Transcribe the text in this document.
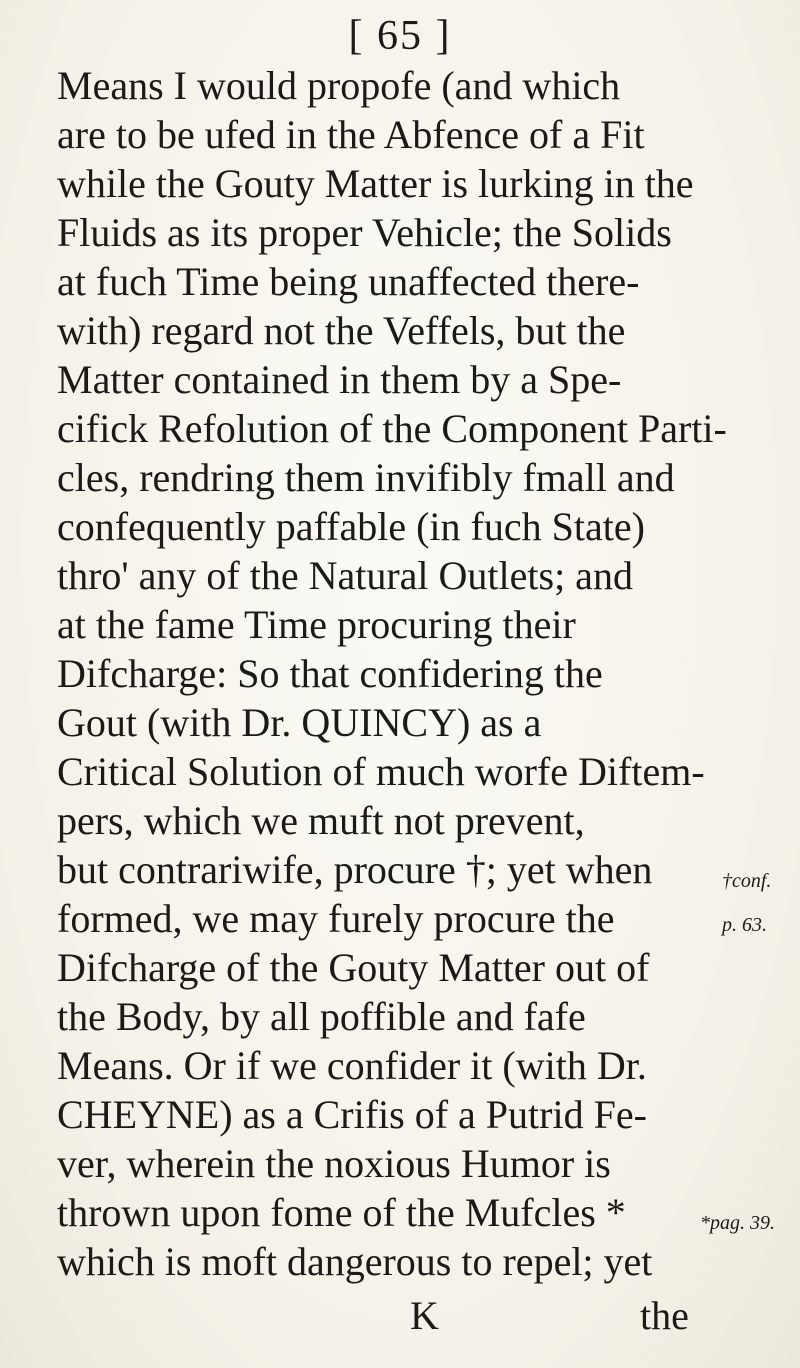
[ 65 ]
Means I would propofe (and which
are to be ufed in the Abfence of a Fit
while the Gouty Matter is lurking in the
Fluids as its proper Vehicle; the Solids
at fuch Time being unaffected there-
with) regard not the Veffels, but the
Matter contained in them by a Spe-
cifick Refolution of the Component Parti-
cles, rendring them invifibly fmall and
confequently paffable (in fuch State)
thro' any of the Natural Outlets; and
at the fame Time procuring their
Difcharge: So that confidering the
Gout (with Dr. QUINCY) as a
Critical Solution of much worfe Diftem-
pers, which we muft not prevent,
but contrariwife, procure †; yet when
formed, we may furely procure the
Difcharge of the Gouty Matter out of
the Body, by all poffible and fafe
Means. Or if we confider it (with Dr.
CHEYNE) as a Crifis of a Putrid Fe-
ver, wherein the noxious Humor is
thrown upon fome of the Mufcles *
which is moft dangerous to repel; yet
†conf.
p. 63.
*pag. 39.
K	the
